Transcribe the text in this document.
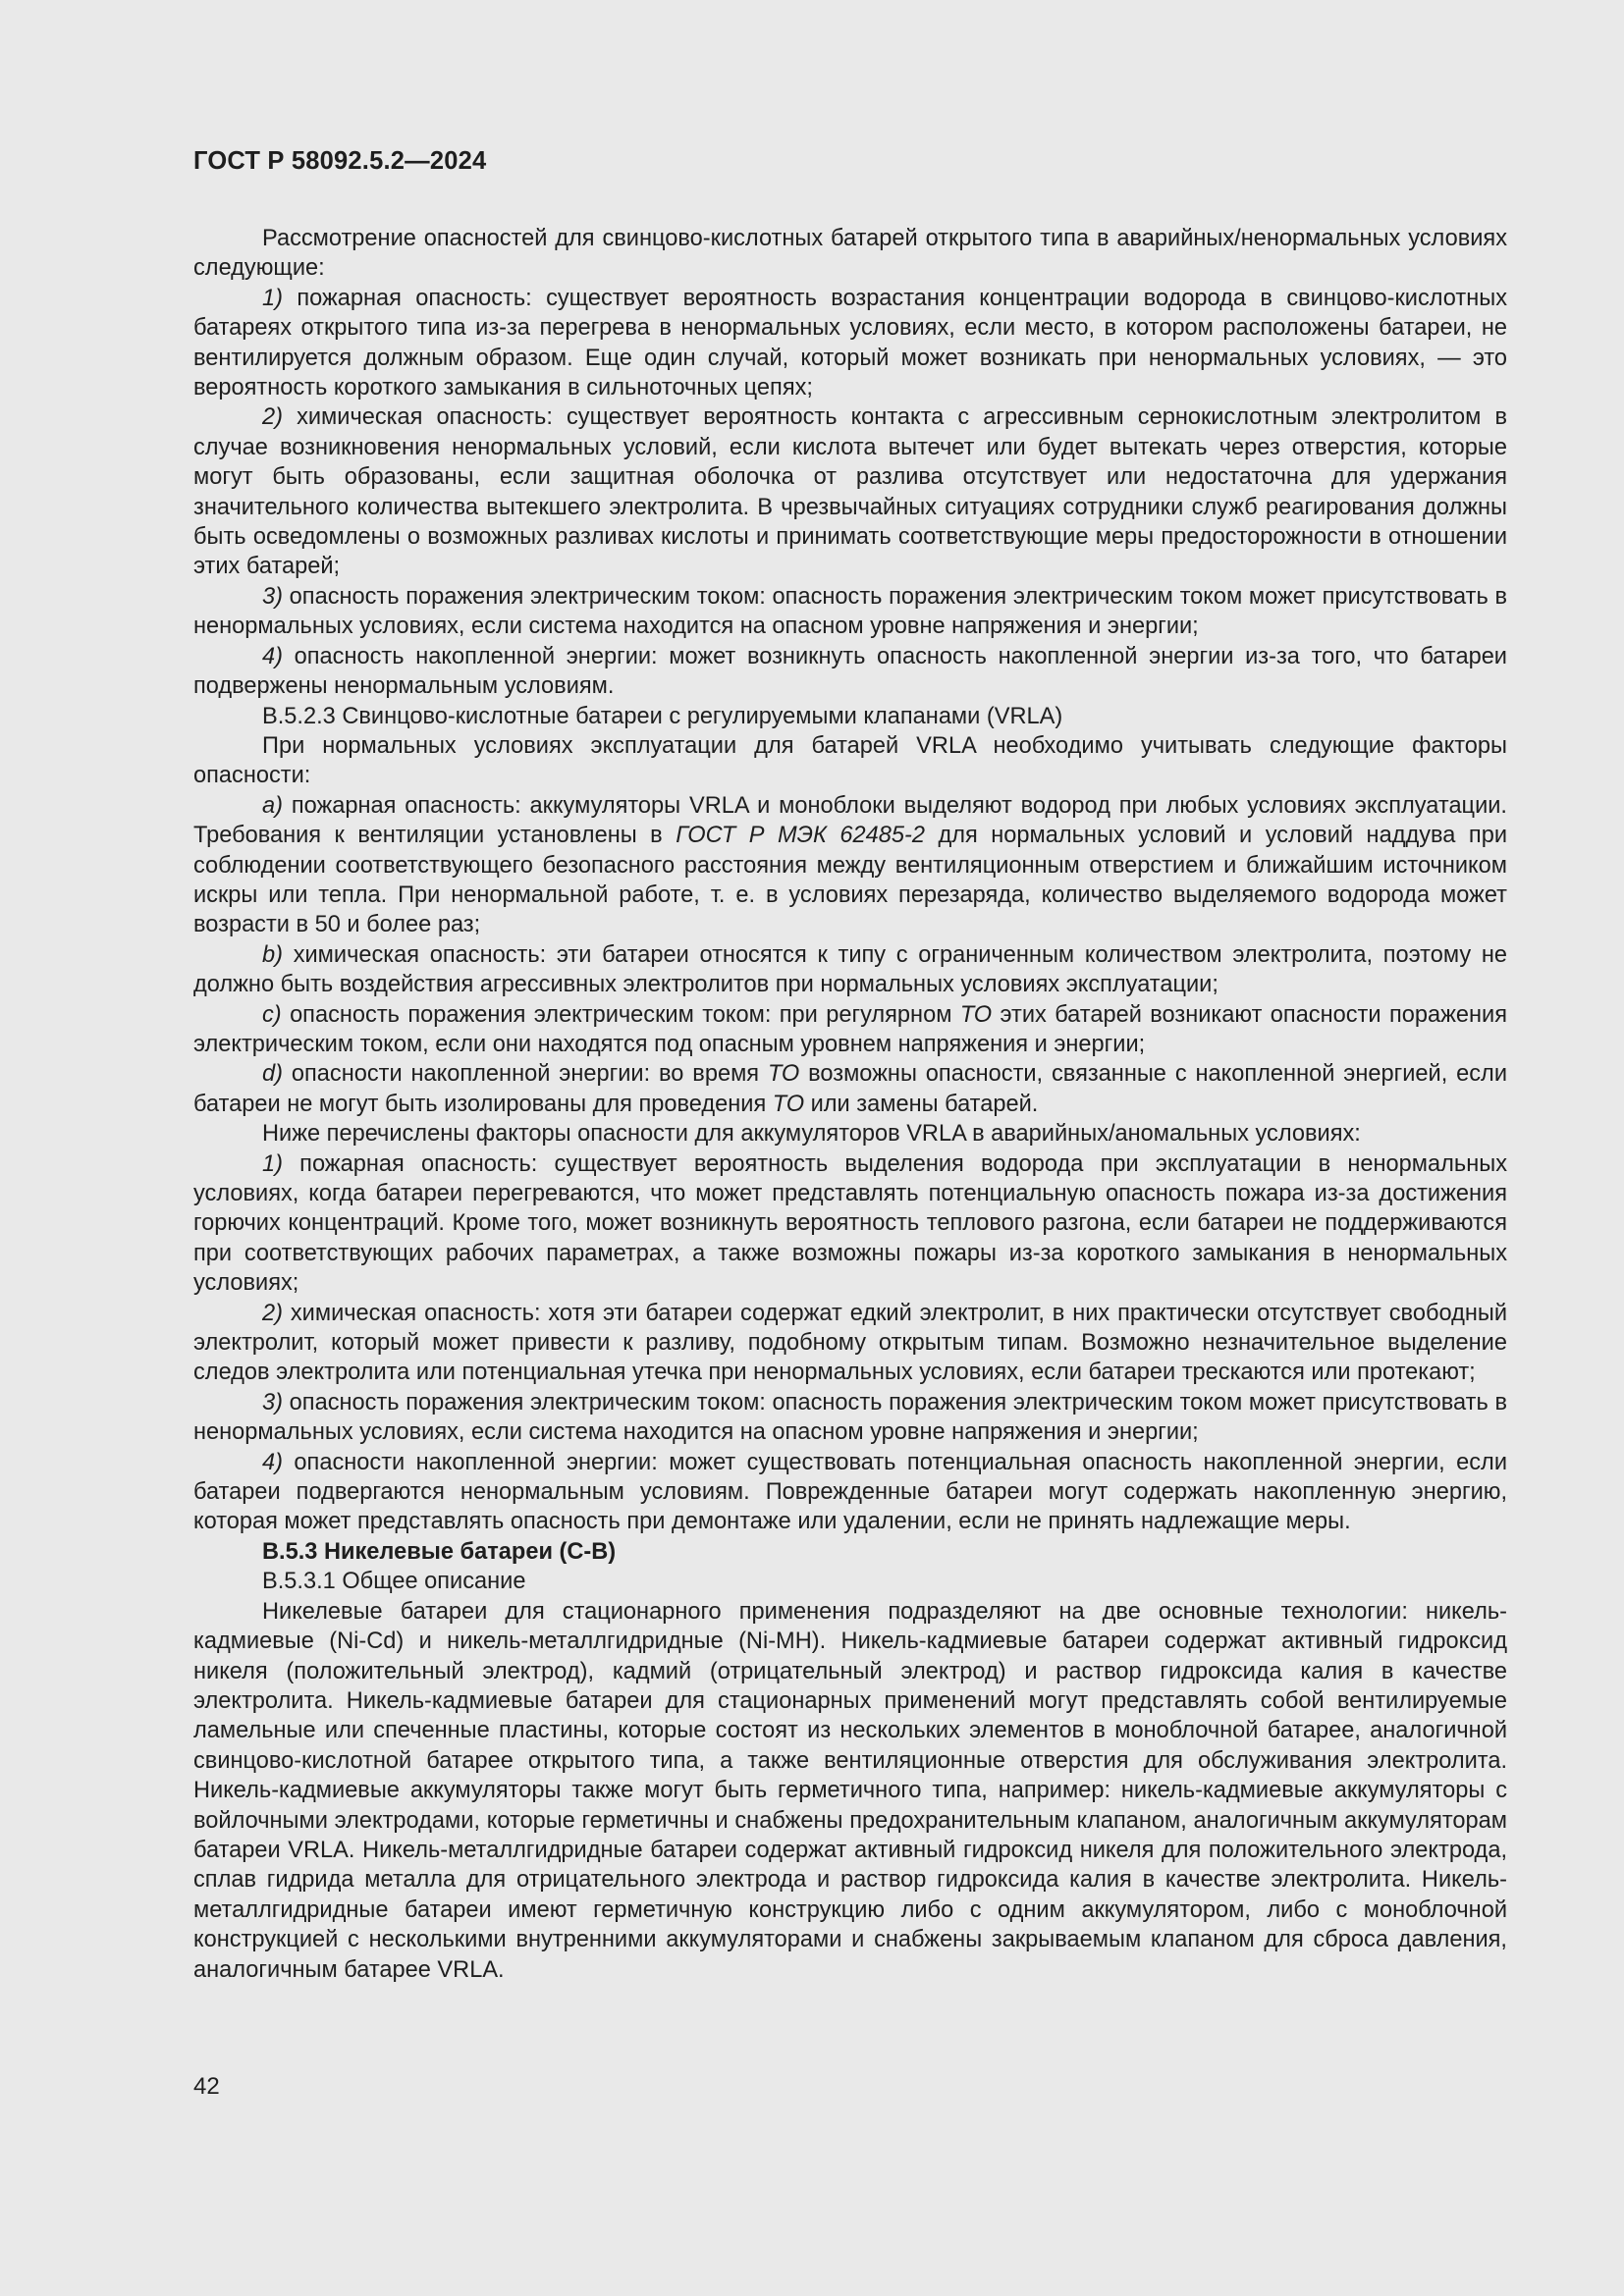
ГОСТ Р 58092.5.2—2024

Рассмотрение опасностей для свинцово-кислотных батарей открытого типа в аварийных/ненормальных условиях следующие:

1) пожарная опасность: существует вероятность возрастания концентрации водорода в свинцово-кислотных батареях открытого типа из-за перегрева в ненормальных условиях, если место, в котором расположены батареи, не вентилируется должным образом. Еще один случай, который может возникать при ненормальных условиях, — это вероятность короткого замыкания в сильноточных цепях;

2) химическая опасность: существует вероятность контакта с агрессивным сернокислотным электролитом в случае возникновения ненормальных условий, если кислота вытечет или будет вытекать через отверстия, которые могут быть образованы, если защитная оболочка от разлива отсутствует или недостаточна для удержания значительного количества вытекшего электролита. В чрезвычайных ситуациях сотрудники служб реагирования должны быть осведомлены о возможных разливах кислоты и принимать соответствующие меры предосторожности в отношении этих батарей;

3) опасность поражения электрическим током: опасность поражения электрическим током может присутствовать в ненормальных условиях, если система находится на опасном уровне напряжения и энергии;

4) опасность накопленной энергии: может возникнуть опасность накопленной энергии из-за того, что батареи подвержены ненормальным условиям.

B.5.2.3 Свинцово-кислотные батареи с регулируемыми клапанами (VRLA)

При нормальных условиях эксплуатации для батарей VRLA необходимо учитывать следующие факторы опасности:

a) пожарная опасность: аккумуляторы VRLA и моноблоки выделяют водород при любых условиях эксплуатации. Требования к вентиляции установлены в ГОСТ Р МЭК 62485-2 для нормальных условий и условий наддува при соблюдении соответствующего безопасного расстояния между вентиляционным отверстием и ближайшим источником искры или тепла. При ненормальной работе, т. е. в условиях перезаряда, количество выделяемого водорода может возрасти в 50 и более раз;

b) химическая опасность: эти батареи относятся к типу с ограниченным количеством электролита, поэтому не должно быть воздействия агрессивных электролитов при нормальных условиях эксплуатации;

c) опасность поражения электрическим током: при регулярном ТО этих батарей возникают опасности поражения электрическим током, если они находятся под опасным уровнем напряжения и энергии;

d) опасности накопленной энергии: во время ТО возможны опасности, связанные с накопленной энергией, если батареи не могут быть изолированы для проведения ТО или замены батарей.

Ниже перечислены факторы опасности для аккумуляторов VRLA в аварийных/аномальных условиях:

1) пожарная опасность: существует вероятность выделения водорода при эксплуатации в ненормальных условиях, когда батареи перегреваются, что может представлять потенциальную опасность пожара из-за достижения горючих концентраций. Кроме того, может возникнуть вероятность теплового разгона, если батареи не поддерживаются при соответствующих рабочих параметрах, а также возможны пожары из-за короткого замыкания в ненормальных условиях;

2) химическая опасность: хотя эти батареи содержат едкий электролит, в них практически отсутствует свободный электролит, который может привести к разливу, подобному открытым типам. Возможно незначительное выделение следов электролита или потенциальная утечка при ненормальных условиях, если батареи трескаются или протекают;

3) опасность поражения электрическим током: опасность поражения электрическим током может присутствовать в ненормальных условиях, если система находится на опасном уровне напряжения и энергии;

4) опасности накопленной энергии: может существовать потенциальная опасность накопленной энергии, если батареи подвергаются ненормальным условиям. Поврежденные батареи могут содержать накопленную энергию, которая может представлять опасность при демонтаже или удалении, если не принять надлежащие меры.

B.5.3 Никелевые батареи (С-В)

B.5.3.1 Общее описание

Никелевые батареи для стационарного применения подразделяют на две основные технологии: никель-кадмиевые (Ni-Cd) и никель-металлгидридные (Ni-MH). Никель-кадмиевые батареи содержат активный гидроксид никеля (положительный электрод), кадмий (отрицательный электрод) и раствор гидроксида калия в качестве электролита. Никель-кадмиевые батареи для стационарных применений могут представлять собой вентилируемые ламельные или спеченные пластины, которые состоят из нескольких элементов в моноблочной батарее, аналогичной свинцово-кислотной батарее открытого типа, а также вентиляционные отверстия для обслуживания электролита. Никель-кадмиевые аккумуляторы также могут быть герметичного типа, например: никель-кадмиевые аккумуляторы с войлочными электродами, которые герметичны и снабжены предохранительным клапаном, аналогичным аккумуляторам батареи VRLA. Никель-металлгидридные батареи содержат активный гидроксид никеля для положительного электрода, сплав гидрида металла для отрицательного электрода и раствор гидроксида калия в качестве электролита. Никель-металлгидридные батареи имеют герметичную конструкцию либо с одним аккумулятором, либо с моноблочной конструкцией с несколькими внутренними аккумуляторами и снабжены закрываемым клапаном для сброса давления, аналогичным батарее VRLA.

42
